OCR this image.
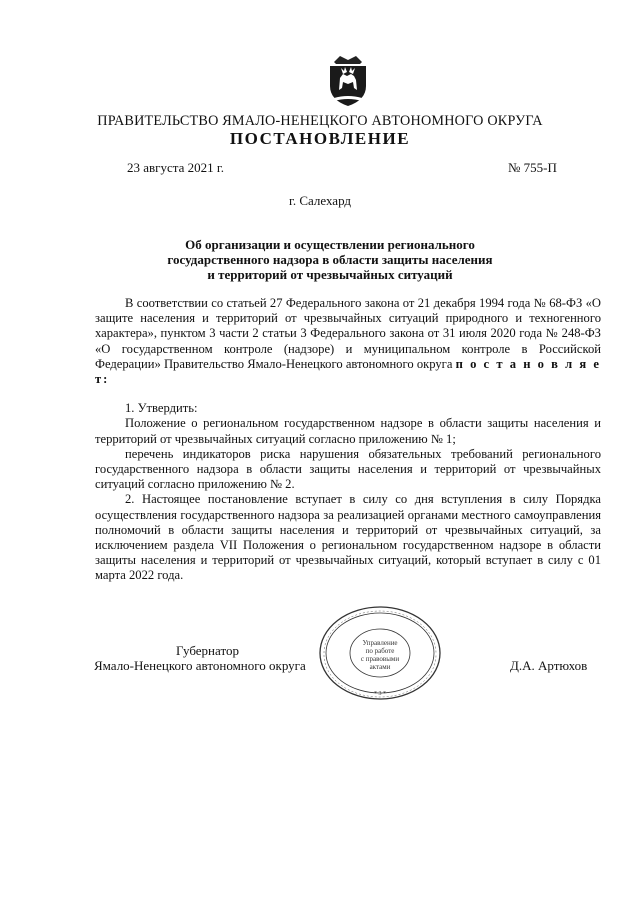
ПРАВИТЕЛЬСТВО ЯМАЛО-НЕНЕЦКОГО АВТОНОМНОГО ОКРУГА
ПОСТАНОВЛЕНИЕ
23 августа 2021 г.	№ 755-П
г. Салехард
Об организации и осуществлении регионального
государственного надзора в области защиты населения
и территорий от чрезвычайных ситуаций

В соответствии со статьей 27 Федерального закона от 21 декабря 1994 года № 68-ФЗ «О защите населения и территорий от чрезвычайных ситуаций природного и техногенного характера», пунктом 3 части 2 статьи 3 Федерального закона от 31 июля 2020 года № 248-ФЗ «О государственном контроле (надзоре) и муниципальном контроле в Российской Федерации» Правительство Ямало-Ненецкого автономного округа п о с т а н о в л я е т:

1. Утвердить:

Положение о региональном государственном надзоре в области защиты населения и территорий от чрезвычайных ситуаций согласно приложению № 1;

перечень индикаторов риска нарушения обязательных требований регионального государственного надзора в области защиты населения и территорий от чрезвычайных ситуаций согласно приложению № 2.

2. Настоящее постановление вступает в силу со дня вступления в силу Порядка осуществления государственного надзора за реализацией органами местного самоуправления полномочий в области защиты населения и территорий от чрезвычайных ситуаций, за исключением раздела VII Положения о региональном государственном надзоре в области защиты населения и территорий от чрезвычайных ситуаций, который вступает в силу с 01 марта 2022 года.

Управление
по работе
с правовыми
актами
* 3 *
Губернатор
Ямало-Ненецкого автономного округа	Д.А. Артюхов
